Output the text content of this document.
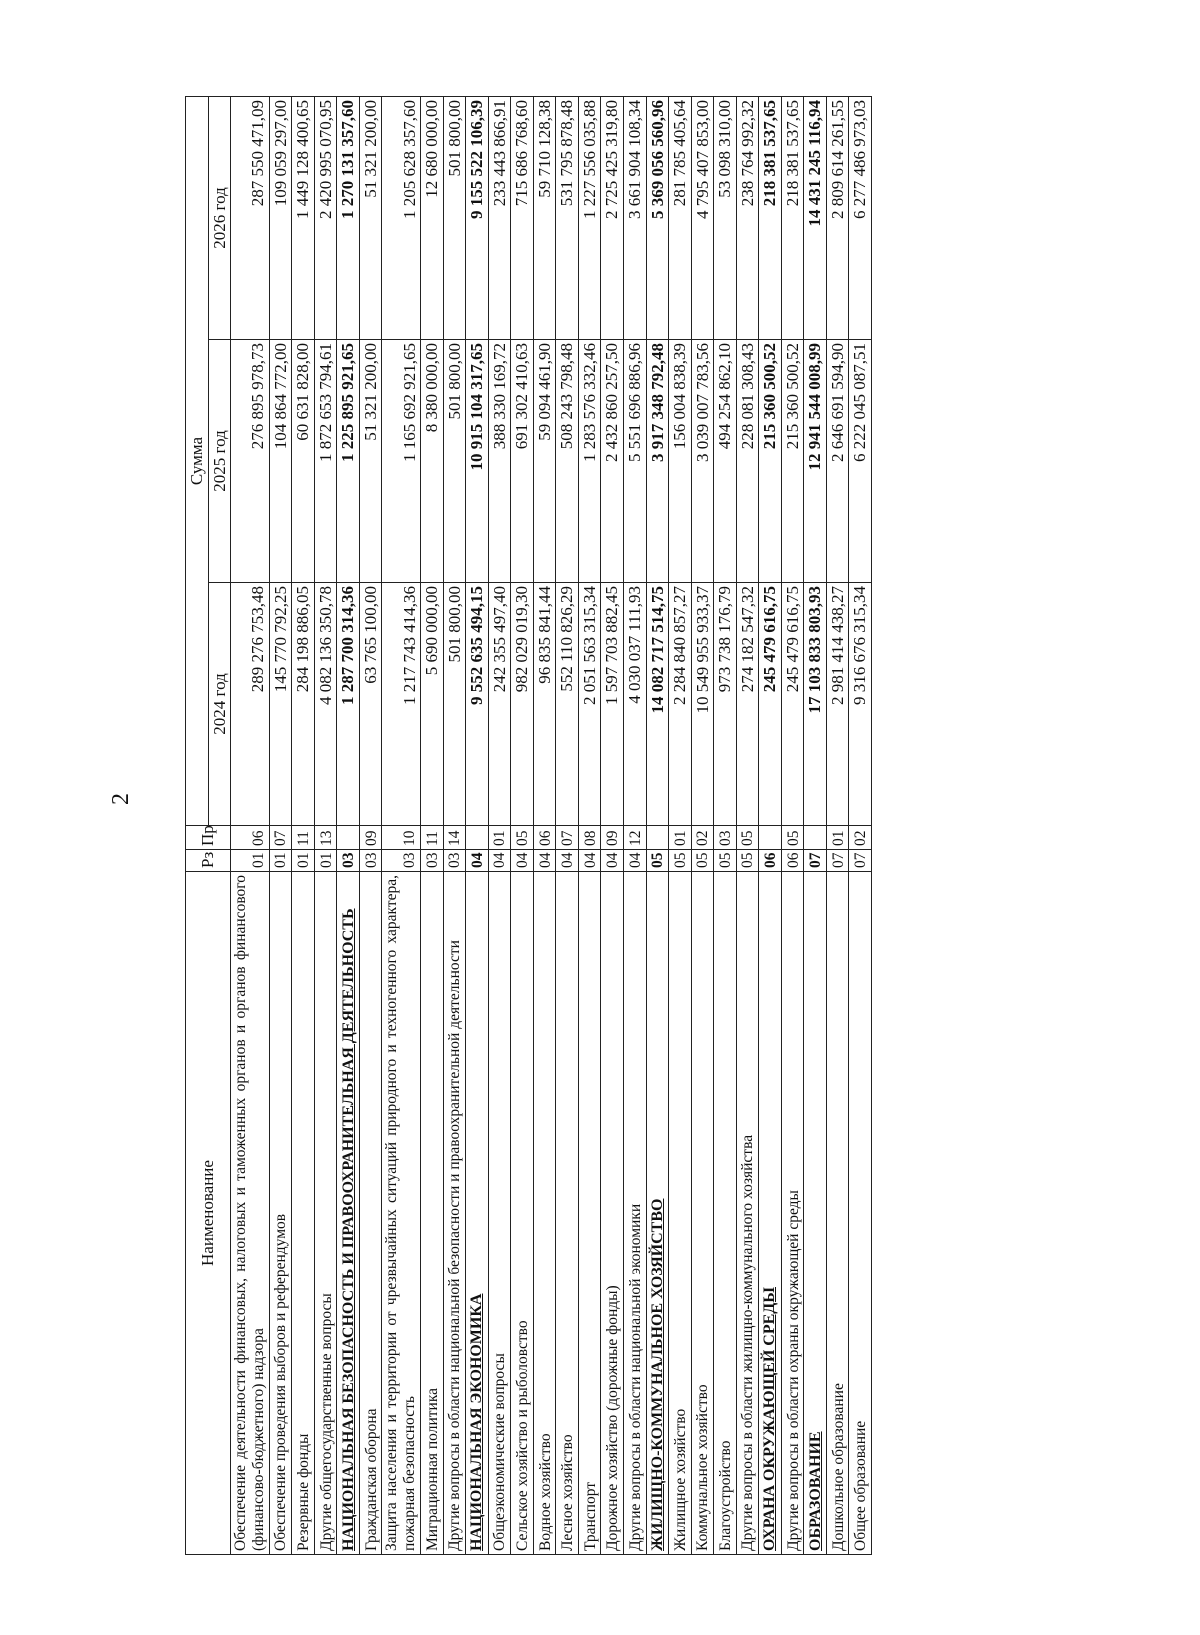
2
Наименование	Рз	Пр	Сумма		
			2024 год	2025 год	2026 год
Обеспечение деятельности финансовых, налоговых и таможенных органов и органов финансового (финансово-бюджетного) надзора	01	06	289 276 753,48	276 895 978,73	287 550 471,09
Обеспечение проведения выборов и референдумов	01	07	145 770 792,25	104 864 772,00	109 059 297,00
Резервные фонды	01	11	284 198 886,05	60 631 828,00	1 449 128 400,65
Другие общегосударственные вопросы	01	13	4 082 136 350,78	1 872 653 794,61	2 420 995 070,95
НАЦИОНАЛЬНАЯ БЕЗОПАСНОСТЬ И ПРАВООХРАНИТЕЛЬНАЯ ДЕЯТЕЛЬНОСТЬ	03		1 287 700 314,36	1 225 895 921,65	1 270 131 357,60
Гражданская оборона	03	09	63 765 100,00	51 321 200,00	51 321 200,00
Защита населения и территории от чрезвычайных ситуаций природного и техногенного характера, пожарная безопасность	03	10	1 217 743 414,36	1 165 692 921,65	1 205 628 357,60
Миграционная политика	03	11	5 690 000,00	8 380 000,00	12 680 000,00
Другие вопросы в области национальной безопасности и правоохранительной деятельности	03	14	501 800,00	501 800,00	501 800,00
НАЦИОНАЛЬНАЯ ЭКОНОМИКА	04		9 552 635 494,15	10 915 104 317,65	9 155 522 106,39
Общеэкономические вопросы	04	01	242 355 497,40	388 330 169,72	233 443 866,91
Сельское хозяйство и рыболовство	04	05	982 029 019,30	691 302 410,63	715 686 768,60
Водное хозяйство	04	06	96 835 841,44	59 094 461,90	59 710 128,38
Лесное хозяйство	04	07	552 110 826,29	508 243 798,48	531 795 878,48
Транспорт	04	08	2 051 563 315,34	1 283 576 332,46	1 227 556 035,88
Дорожное хозяйство (дорожные фонды)	04	09	1 597 703 882,45	2 432 860 257,50	2 725 425 319,80
Другие вопросы в области национальной экономики	04	12	4 030 037 111,93	5 551 696 886,96	3 661 904 108,34
ЖИЛИЩНО-КОММУНАЛЬНОЕ ХОЗЯЙСТВО	05		14 082 717 514,75	3 917 348 792,48	5 369 056 560,96
Жилищное хозяйство	05	01	2 284 840 857,27	156 004 838,39	281 785 405,64
Коммунальное хозяйство	05	02	10 549 955 933,37	3 039 007 783,56	4 795 407 853,00
Благоустройство	05	03	973 738 176,79	494 254 862,10	53 098 310,00
Другие вопросы в области жилищно-коммунального хозяйства	05	05	274 182 547,32	228 081 308,43	238 764 992,32
ОХРАНА ОКРУЖАЮЩЕЙ СРЕДЫ	06		245 479 616,75	215 360 500,52	218 381 537,65
Другие вопросы в области охраны окружающей среды	06	05	245 479 616,75	215 360 500,52	218 381 537,65
ОБРАЗОВАНИЕ	07		17 103 833 803,93	12 941 544 008,99	14 431 245 116,94
Дошкольное образование	07	01	2 981 414 438,27	2 646 691 594,90	2 809 614 261,55
Общее образование	07	02	9 316 676 315,34	6 222 045 087,51	6 277 486 973,03
